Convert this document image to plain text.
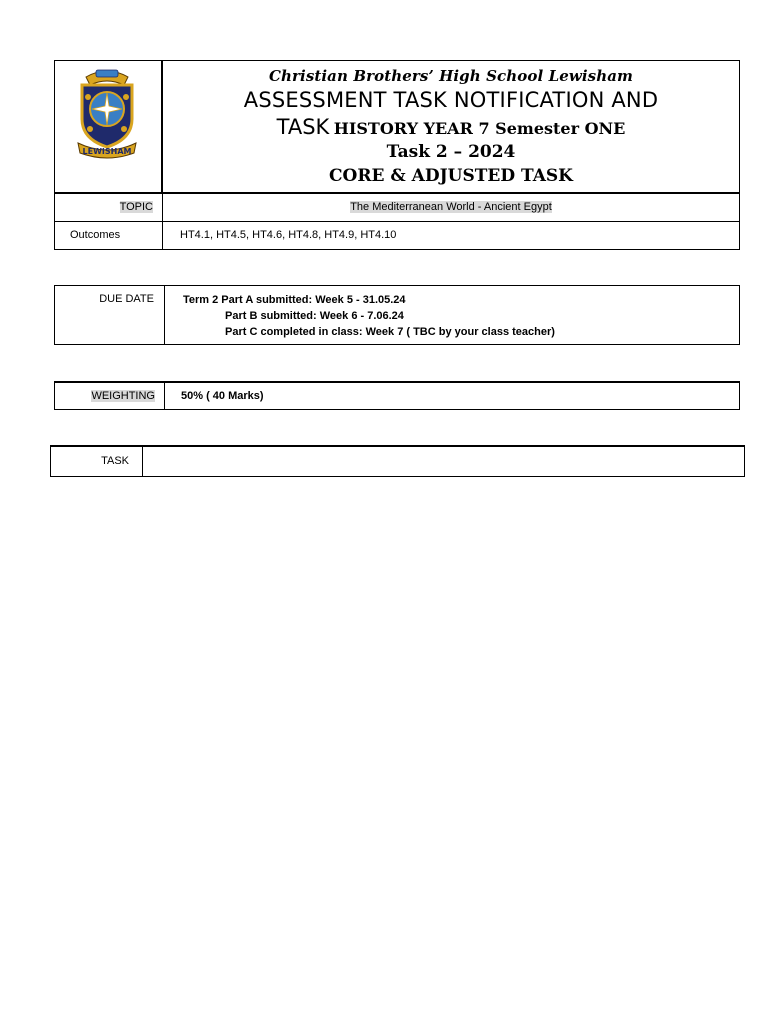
LEWISHAM
Christian Brothers’ High School Lewisham
ASSESSMENT TASK NOTIFICATION AND
TASK HISTORY YEAR 7 Semester ONE
Task 2 – 2024
CORE & ADJUSTED TASK
TOPIC	The Mediterranean World - Ancient Egypt
Outcomes	HT4.1, HT4.5, HT4.6, HT4.8, HT4.9, HT4.10
DUE DATE	Term 2 Part A submitted: Week 5 - 31.05.24
Part B submitted: Week 6 - 7.06.24
Part C completed in class: Week 7 ( TBC by your class teacher)
WEIGHTING 50% ( 40 Marks)
TASK
